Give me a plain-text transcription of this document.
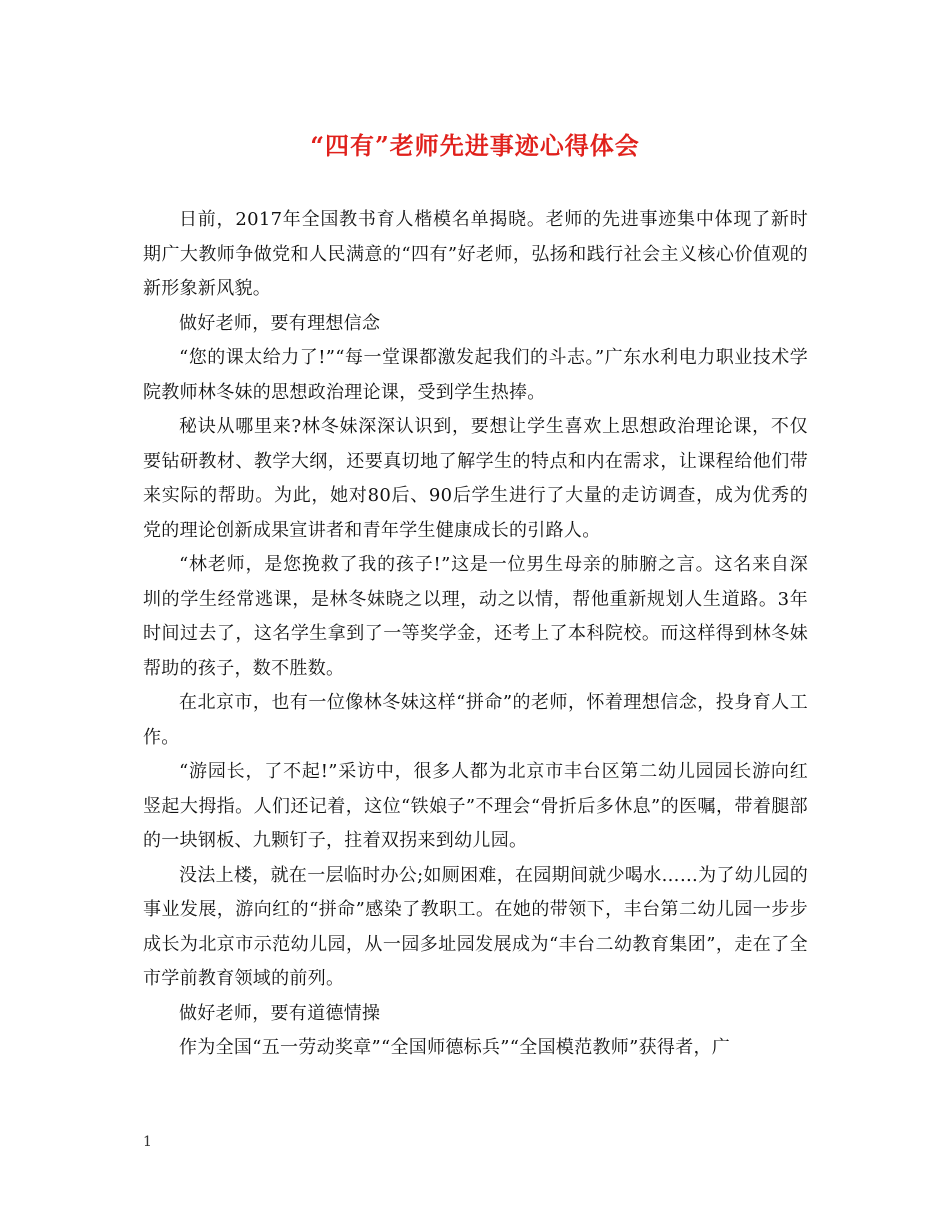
“四有”老师先进事迹心得体会

日前，2017年全国教书育人楷模名单揭晓。老师的先进事迹集中体现了新时期广大教师争做党和人民满意的“四有”好老师，弘扬和践行社会主义核心价值观的新形象新风貌。

做好老师，要有理想信念

“您的课太给力了!”“每一堂课都激发起我们的斗志。”广东水利电力职业技术学院教师林冬妹的思想政治理论课，受到学生热捧。

秘诀从哪里来?林冬妹深深认识到，要想让学生喜欢上思想政治理论课，不仅要钻研教材、教学大纲，还要真切地了解学生的特点和内在需求，让课程给他们带来实际的帮助。为此，她对80后、90后学生进行了大量的走访调查，成为优秀的党的理论创新成果宣讲者和青年学生健康成长的引路人。

“林老师，是您挽救了我的孩子!”这是一位男生母亲的肺腑之言。这名来自深圳的学生经常逃课，是林冬妹晓之以理，动之以情，帮他重新规划人生道路。3年时间过去了，这名学生拿到了一等奖学金，还考上了本科院校。而这样得到林冬妹帮助的孩子，数不胜数。

在北京市，也有一位像林冬妹这样“拼命”的老师，怀着理想信念，投身育人工作。

“游园长，了不起!”采访中，很多人都为北京市丰台区第二幼儿园园长游向红竖起大拇指。人们还记着，这位“铁娘子”不理会“骨折后多休息”的医嘱，带着腿部的一块钢板、九颗钉子，拄着双拐来到幼儿园。

没法上楼，就在一层临时办公;如厕困难，在园期间就少喝水……为了幼儿园的事业发展，游向红的“拼命”感染了教职工。在她的带领下，丰台第二幼儿园一步步成长为北京市示范幼儿园，从一园多址园发展成为“丰台二幼教育集团”，走在了全市学前教育领域的前列。

做好老师，要有道德情操

作为全国“五一劳动奖章”“全国师德标兵”“全国模范教师”获得者，广

1
